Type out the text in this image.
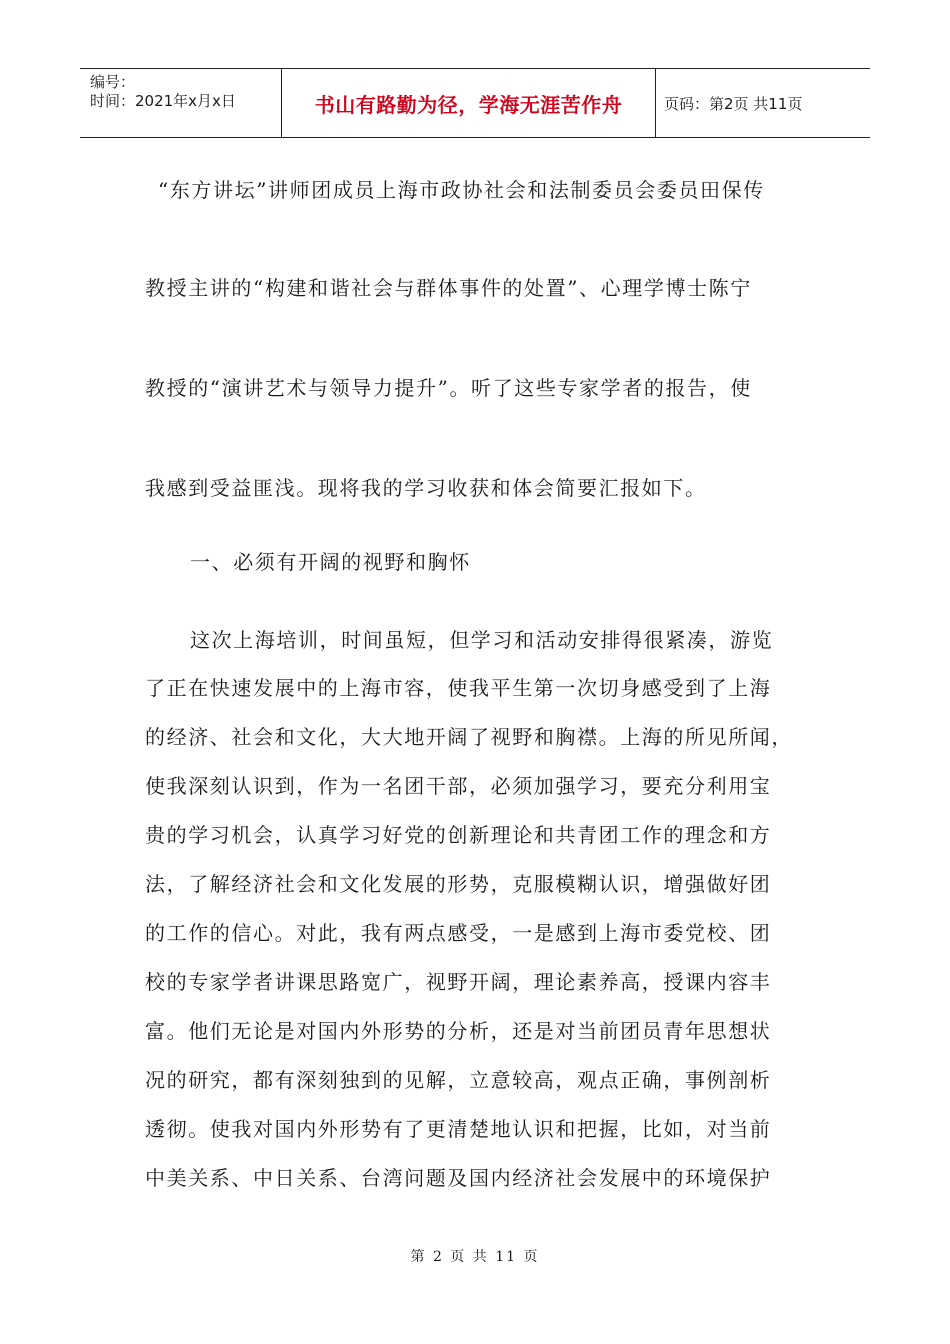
编号：
时间：2021年x月x日	书山有路勤为径，学海无涯苦作舟	页码：第2页 共11页
“东方讲坛”讲师团成员上海市政协社会和法制委员会委员田保传
教授主讲的“构建和谐社会与群体事件的处置”、心理学博士陈宁
教授的“演讲艺术与领导力提升”。听了这些专家学者的报告，使
我感到受益匪浅。现将我的学习收获和体会简要汇报如下。
一、必须有开阔的视野和胸怀
这次上海培训，时间虽短，但学习和活动安排得很紧凑，游览
了正在快速发展中的上海市容，使我平生第一次切身感受到了上海
的经济、社会和文化，大大地开阔了视野和胸襟。上海的所见所闻，
使我深刻认识到，作为一名团干部，必须加强学习，要充分利用宝
贵的学习机会，认真学习好党的创新理论和共青团工作的理念和方
法，了解经济社会和文化发展的形势，克服模糊认识，增强做好团
的工作的信心。对此，我有两点感受，一是感到上海市委党校、团
校的专家学者讲课思路宽广，视野开阔，理论素养高，授课内容丰
富。他们无论是对国内外形势的分析，还是对当前团员青年思想状
况的研究，都有深刻独到的见解，立意较高，观点正确，事例剖析
透彻。使我对国内外形势有了更清楚地认识和把握，比如，对当前
中美关系、中日关系、台湾问题及国内经济社会发展中的环境保护
第 2 页 共 11 页
